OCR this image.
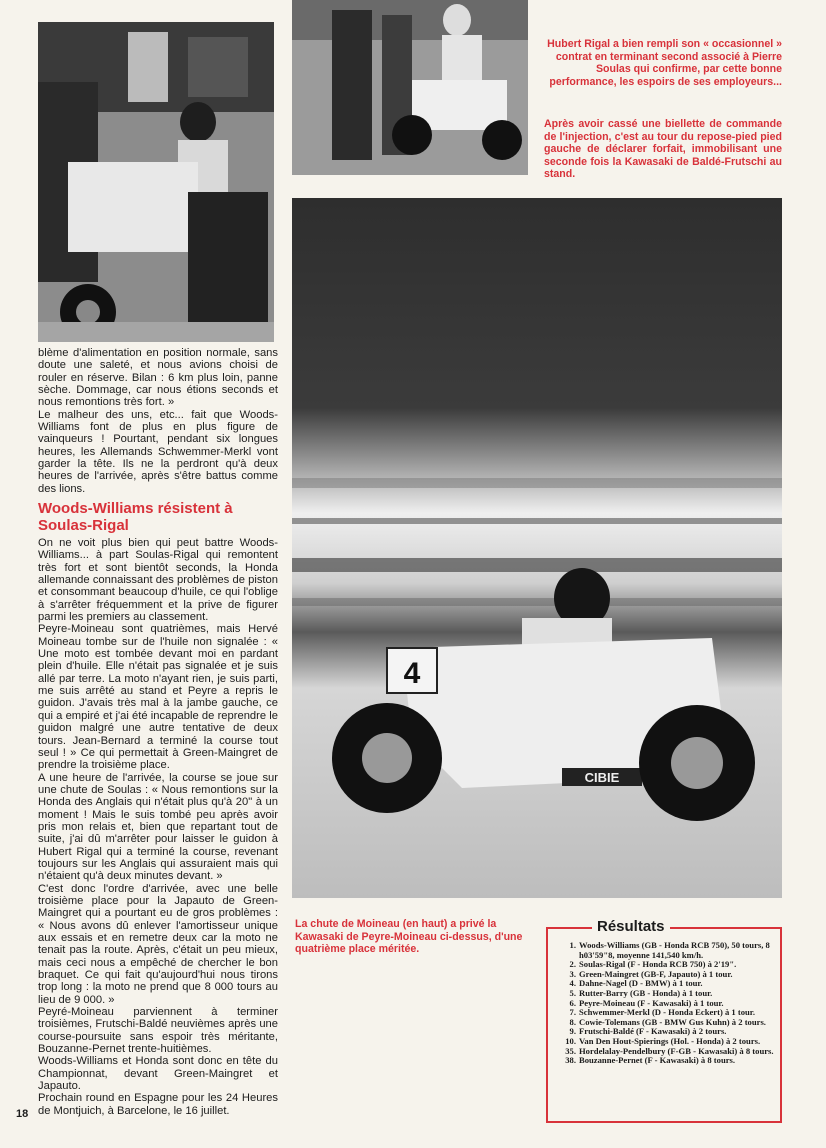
Hubert Rigal a bien rempli son « occasionnel » contrat en terminant second associé à Pierre Soulas qui confirme, par cette bonne performance, les espoirs de ses employeurs...
Après avoir cassé une biellette de commande de l'injection, c'est au tour du repose-pied pied gauche de déclarer forfait, immobilisant une seconde fois la Kawasaki de Baldé-Frutschi au stand.
4
CIBIE

blème d'alimentation en position normale, sans doute une saleté, et nous avions choisi de rouler en réserve. Bilan : 6 km plus loin, panne sèche. Dommage, car nous étions seconds et nous remontions très fort. »

Le malheur des uns, etc... fait que Woods-Williams font de plus en plus figure de vainqueurs ! Pourtant, pendant six longues heures, les Allemands Schwemmer-Merkl vont garder la tête. Ils ne la perdront qu'à deux heures de l'arrivée, après s'être battus comme des lions.

Woods-Williams résistent à Soulas-Rigal

On ne voit plus bien qui peut battre Woods-Williams... à part Soulas-Rigal qui remontent très fort et sont bientôt seconds, la Honda allemande connaissant des problèmes de piston et consommant beaucoup d'huile, ce qui l'oblige à s'arrêter fréquemment et la prive de figurer parmi les premiers au classement.

Peyre-Moineau sont quatrièmes, mais Hervé Moineau tombe sur de l'huile non signalée : « Une moto est tombée devant moi en pardant plein d'huile. Elle n'était pas signalée et je suis allé par terre. La moto n'ayant rien, je suis parti, me suis arrêté au stand et Peyre a repris le guidon. J'avais très mal à la jambe gauche, ce qui a empiré et j'ai été incapable de reprendre le guidon malgré une autre tentative de deux tours. Jean-Bernard a terminé la course tout seul ! » Ce qui permettait à Green-Maingret de prendre la troisième place.

A une heure de l'arrivée, la course se joue sur une chute de Soulas : « Nous remontions sur la Honda des Anglais qui n'était plus qu'à 20" à un moment ! Mais le suis tombé peu après avoir pris mon relais et, bien que repartant tout de suite, j'ai dû m'arrêter pour laisser le guidon à Hubert Rigal qui a terminé la course, revenant toujours sur les Anglais qui assuraient mais qui n'étaient qu'à deux minutes devant. »

C'est donc l'ordre d'arrivée, avec une belle troisième place pour la Japauto de Green-Maingret qui a pourtant eu de gros problèmes : « Nous avons dû enlever l'amortisseur unique aux essais et en remetre deux car la moto ne tenait pas la route. Après, c'était un peu mieux, mais ceci nous a empêché de chercher le bon braquet. Ce qui fait qu'aujourd'hui nous tirons trop long : la moto ne prend que 8 000 tours au lieu de 9 000. »

Peyré-Moineau parviennent à terminer troisièmes, Frutschi-Baldé neuvièmes après une course-poursuite sans espoir très méritante, Bouzanne-Pernet trente-huitièmes.

Woods-Williams et Honda sont donc en tête du Championnat, devant Green-Maingret et Japauto.

Prochain round en Espagne pour les 24 Heures de Montjuich, à Barcelone, le 16 juillet.

La chute de Moineau (en haut) a privé la Kawasaki de Peyre-Moineau ci-dessus, d'une quatrième place méritée.
Résultats
1. Woods-Williams (GB - Honda RCB 750), 50 tours, 8 h03'59"8, moyenne 141,540 km/h.
2. Soulas-Rigal (F - Honda RCB 750) à 2'19".
3. Green-Maingret (GB-F, Japauto) à 1 tour.
4. Dahne-Nagel (D - BMW) à 1 tour.
5. Rutter-Barry (GB - Honda) à 1 tour.
6. Peyre-Moineau (F - Kawasaki) à 1 tour.
7. Schwemmer-Merkl (D - Honda Eckert) à 1 tour.
8. Cowie-Tolemans (GB - BMW Gus Kuhn) à 2 tours.
9. Frutschi-Baldé (F - Kawasaki) à 2 tours.
10. Van Den Hout-Spierings (Hol. - Honda) à 2 tours.
35. Hordelalay-Pendelbury (F-GB - Kawasaki) à 8 tours.
38. Bouzanne-Pernet (F - Kawasaki) à 8 tours.
18
